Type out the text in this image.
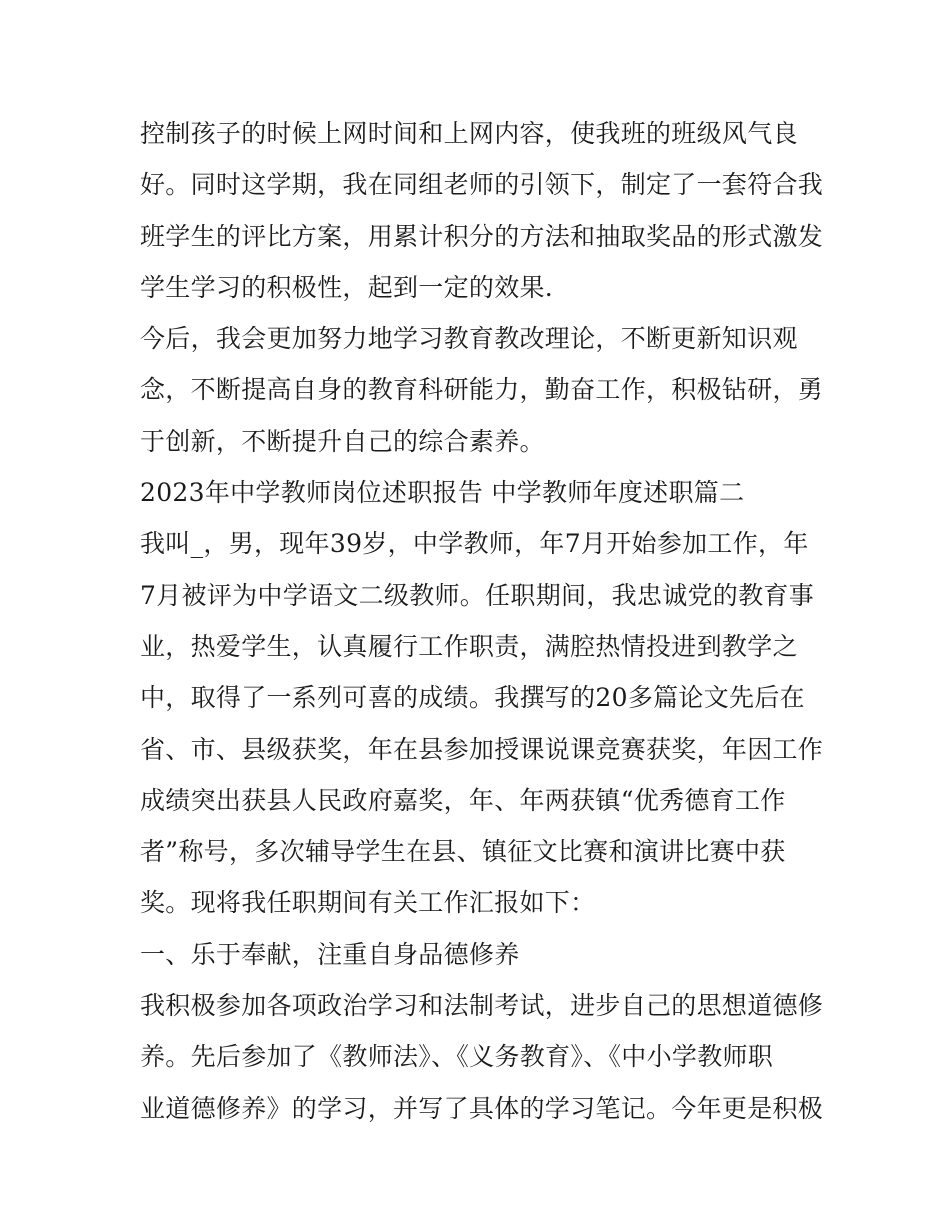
控制孩子的时候上网时间和上网内容，使我班的班级风气良
好。同时这学期，我在同组老师的引领下，制定了一套符合我
班学生的评比方案，用累计积分的方法和抽取奖品的形式激发
学生学习的积极性，起到一定的效果.
今后，我会更加努力地学习教育教改理论，不断更新知识观
念，不断提高自身的教育科研能力，勤奋工作，积极钻研，勇
于创新，不断提升自己的综合素养。
2023年中学教师岗位述职报告 中学教师年度述职篇二
我叫_，男，现年39岁，中学教师，年7月开始参加工作，年
7月被评为中学语文二级教师。任职期间，我忠诚党的教育事
业，热爱学生，认真履行工作职责，满腔热情投进到教学之
中，取得了一系列可喜的成绩。我撰写的20多篇论文先后在
省、市、县级获奖，年在县参加授课说课竞赛获奖，年因工作
成绩突出获县人民政府嘉奖，年、年两获镇“优秀德育工作
者”称号，多次辅导学生在县、镇征文比赛和演讲比赛中获
奖。现将我任职期间有关工作汇报如下：
一、乐于奉献，注重自身品德修养
我积极参加各项政治学习和法制考试，进步自己的思想道德修
养。先后参加了《教师法》、《义务教育》、《中小学教师职
业道德修养》的学习，并写了具体的学习笔记。今年更是积极
